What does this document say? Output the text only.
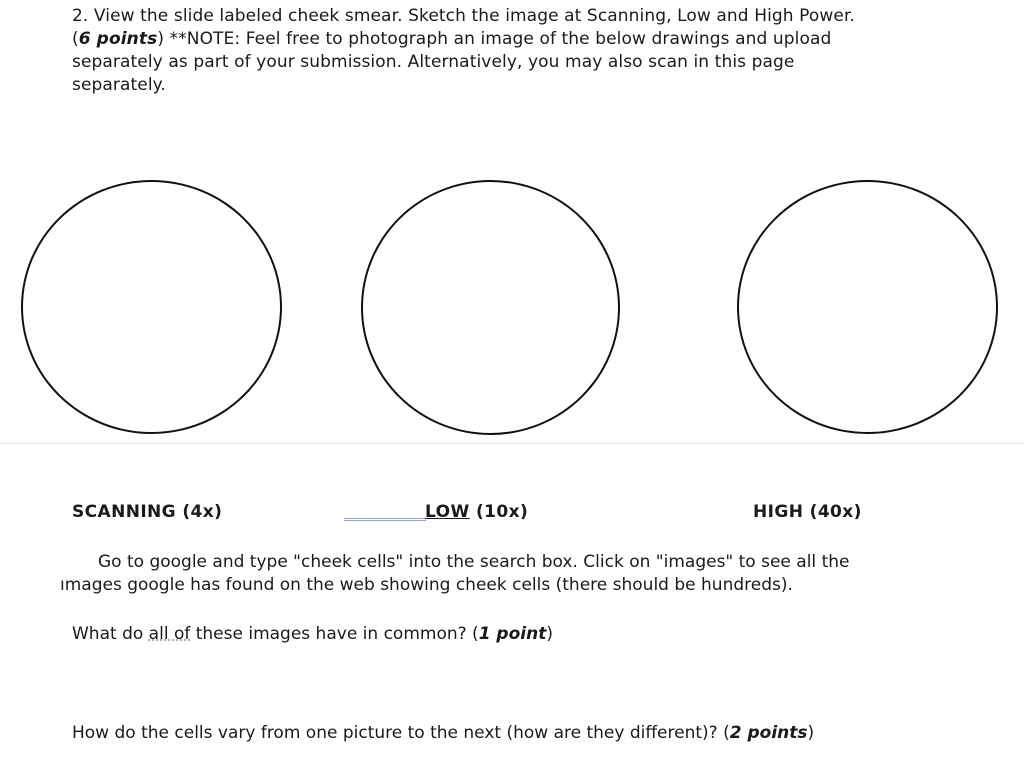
2. View the slide labeled cheek smear. Sketch the image at Scanning, Low and High Power.
(6 points) **NOTE: Feel free to photograph an image of the below drawings and upload
separately as part of your submission. Alternatively, you may also scan in this page
separately.
SCANNING (4x)	LOW (10x)	HIGH (40x)
Go to google and type "cheek cells" into the search box. Click on "images" to see all the
ımages google has found on the web showing cheek cells (there should be hundreds).
What do all of these images have in common? (1 point)
How do the cells vary from one picture to the next (how are they different)? (2 points)
